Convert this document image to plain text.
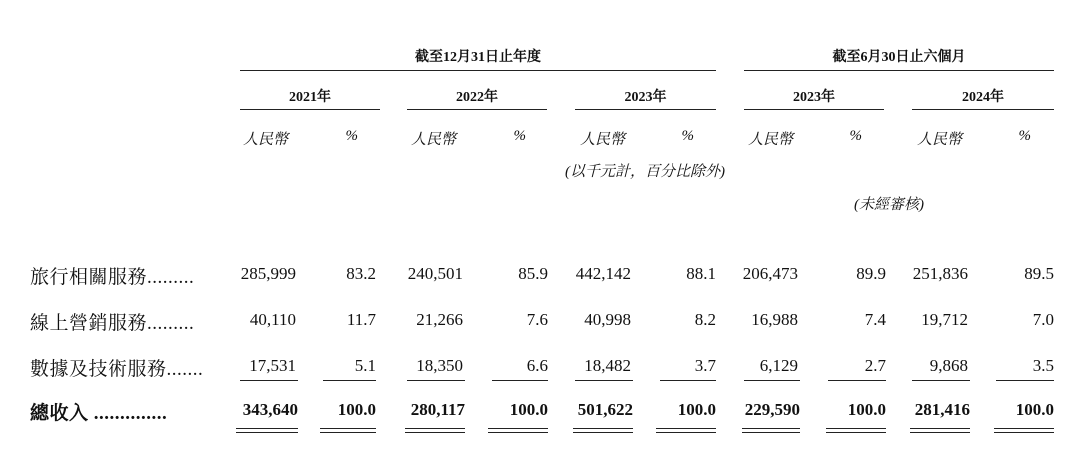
截至12月31日止年度	截至6月30日止六個月
2021年	2022年	2023年	2023年	2024年
人民幣	%	人民幣	%	人民幣	%	人民幣	%	人民幣	%
(以千元計，百分比除外)
(未經審核)
旅行相關服務.........	285,999	83.2	240,501	85.9	442,142	88.1	206,473	89.9	251,836	89.5
線上營銷服務.........	40,110	11.7	21,266	7.6	40,998	8.2	16,988	7.4	19,712	7.0
數據及技術服務.......	17,531	5.1	18,350	6.6	18,482	3.7	6,129	2.7	9,868	3.5
總收入 ..............	343,640	100.0	280,117	100.0	501,622	100.0	229,590	100.0	281,416	100.0
